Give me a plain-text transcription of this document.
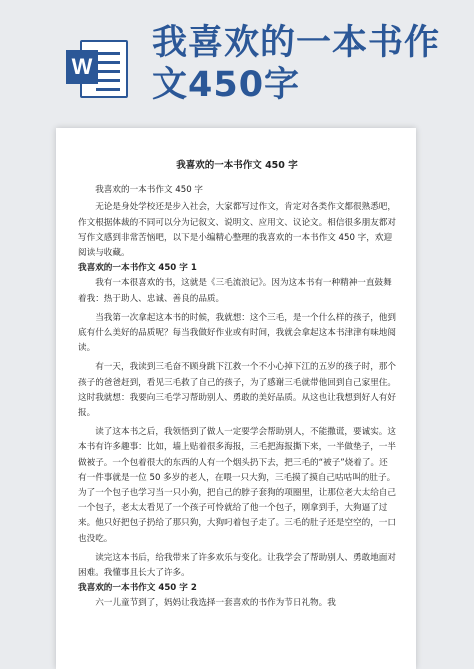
W
我喜欢的一本书作
文450字
我喜欢的一本书作文 450 字

我喜欢的一本书作文 450 字

无论是身处学校还是步入社会，大家都写过作文，肯定对各类作文都很熟悉吧，作文根据体裁的不同可以分为记叙文、说明文、应用文、议论文。相信很多朋友都对写作文感到非常苦恼吧，以下是小编精心整理的我喜欢的一本书作文 450 字，欢迎阅读与收藏。

我喜欢的一本书作文 450 字 1

我有一本很喜欢的书，这就是《三毛流浪记》。因为这本书有一种精神一直鼓舞着我：热于助人、忠诚、善良的品质。

当我第一次拿起这本书的时候，我就想：这个三毛，是一个什么样的孩子，他到底有什么美好的品质呢？每当我做好作业或有时间，我就会拿起这本书津津有味地阅读。

有一天，我读到三毛奋不顾身跳下江救一个不小心掉下江的五岁的孩子时，那个孩子的爸爸赶到，看见三毛救了自己的孩子，为了感谢三毛就带他回到自己家里住。这时我就想：我要向三毛学习帮助别人、勇敢的美好品质。从这也让我想到好人有好报。

读了这本书之后，我领悟到了做人一定要学会帮助别人，不能撒谎，要诚实。这本书有许多趣事：比如，墙上贴着很多海报，三毛把海报撕下来，一半做垫子，一半做被子。一个包着很大的东西的人有一个烟头扔下去，把三毛的“被子”烧着了。还有一件事就是一位 50 多岁的老人，在喂一只大狗，三毛摸了摸自己咕咕叫的肚子。为了一个包子也学习当一只小狗，把自己的脖子套狗的项圈里，让那位老大太给自己一个包子，老太太看见了一个孩子可怜就给了他一个包子，刚拿到手，大狗逼了过来。他只好把包子扔给了那只狗，大狗叼着包子走了。三毛的肚子还是空空的，一口也没吃。

读完这本书后，给我带来了许多欢乐与变化。让我学会了帮助别人、勇敢地面对困难。我懂事且长大了许多。

我喜欢的一本书作文 450 字 2

六一儿童节到了，妈妈让我选择一套喜欢的书作为节日礼物。我
